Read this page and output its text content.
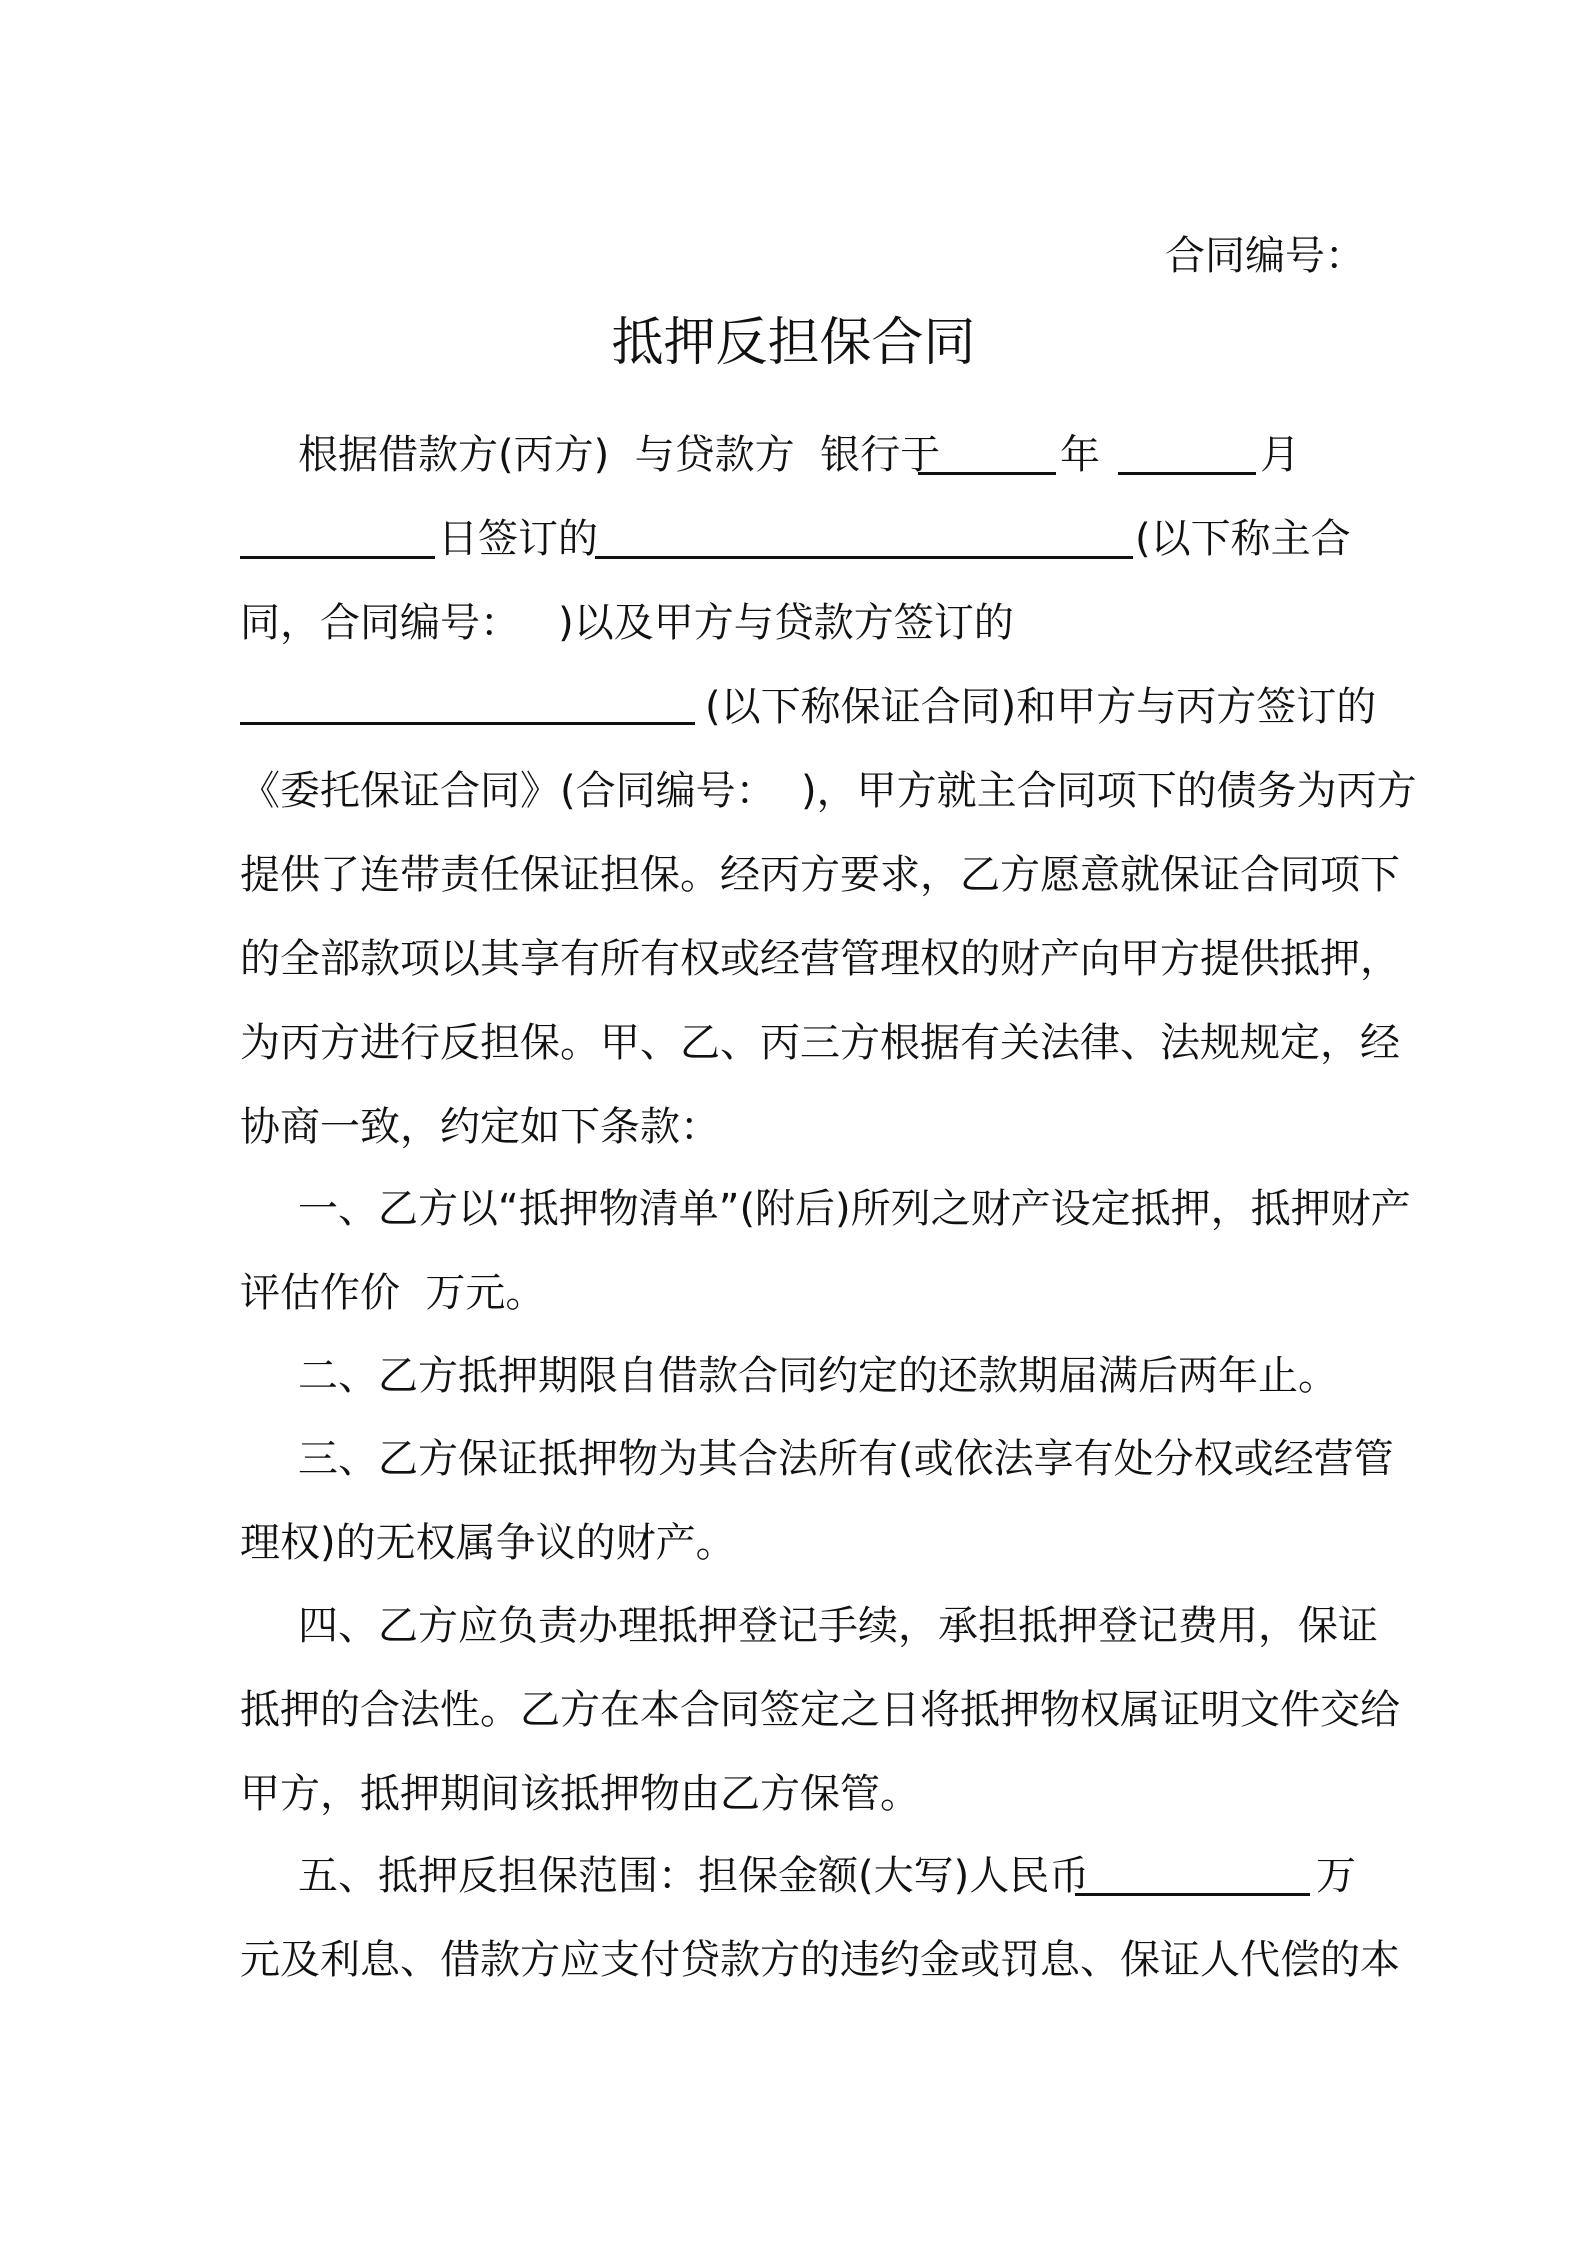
合同编号：
抵押反担保合同
根据借款方(丙方)  与贷款方  银行于	年	月
日签订的	(以下称主合
同，合同编号：   )以及甲方与贷款方签订的
(以下称保证合同)和甲方与丙方签订的
《委托保证合同》(合同编号：  )，甲方就主合同项下的债务为丙方
提供了连带责任保证担保。经丙方要求，乙方愿意就保证合同项下
的全部款项以其享有所有权或经营管理权的财产向甲方提供抵押，
为丙方进行反担保。甲、乙、丙三方根据有关法律、法规规定，经
协商一致，约定如下条款：
一、乙方以“抵押物清单”(附后)所列之财产设定抵押，抵押财产
评估作价  万元。
二、乙方抵押期限自借款合同约定的还款期届满后两年止。
三、乙方保证抵押物为其合法所有(或依法享有处分权或经营管
理权)的无权属争议的财产。
四、乙方应负责办理抵押登记手续，承担抵押登记费用，保证
抵押的合法性。乙方在本合同签定之日将抵押物权属证明文件交给
甲方，抵押期间该抵押物由乙方保管。
五、抵押反担保范围：担保金额(大写)人民币	万
元及利息、借款方应支付贷款方的违约金或罚息、保证人代偿的本
